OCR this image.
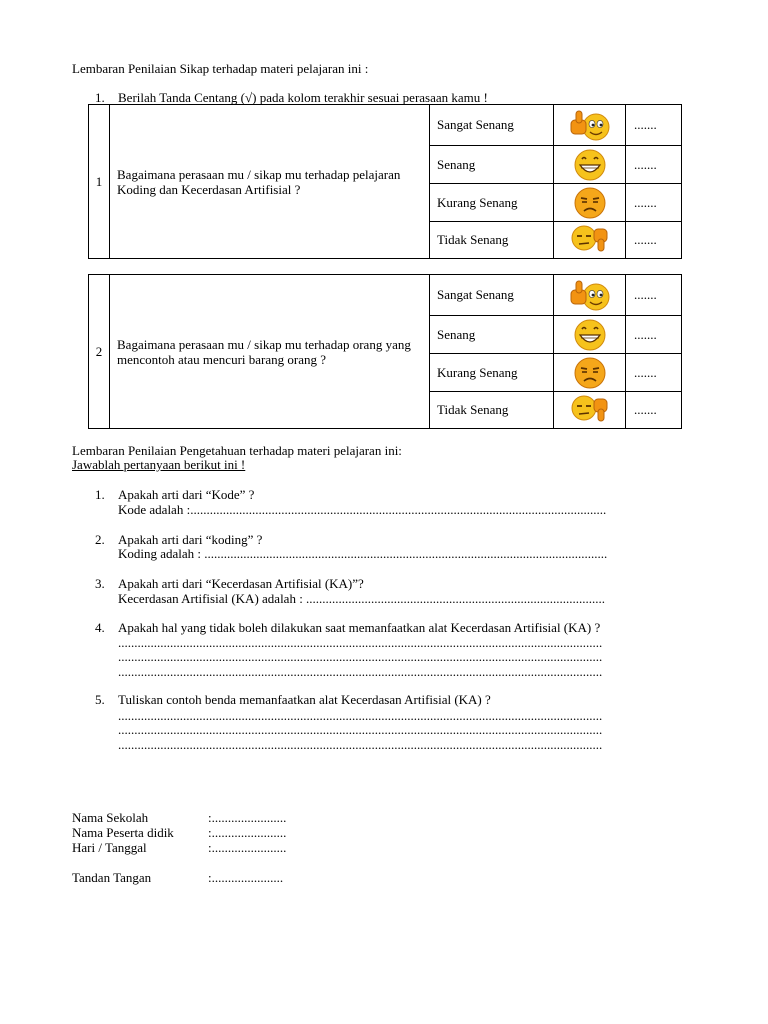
Lembaran Penilaian Sikap terhadap materi pelajaran ini :
1. Berilah Tanda Centang (√) pada kolom terakhir sesuai perasaan kamu !
1	Bagaimana perasaan mu / sikap mu terhadap pelajaran Koding dan Kecerdasan Artifisial ?	Sangat Senang		.......
		Senang		.......
		Kurang Senang		.......
		Tidak Senang		.......
2	Bagaimana perasaan mu / sikap mu terhadap orang yang mencontoh atau mencuri barang orang ?	Sangat Senang		.......
		Senang		.......
		Kurang Senang		.......
		Tidak Senang		.......
Lembaran Penilaian Pengetahuan terhadap materi pelajaran ini:
Jawablah pertanyaan berikut ini !
1. Apakah arti dari “Kode” ?
Kode adalah :................................................................................................................................
2. Apakah arti dari “koding” ?
Koding adalah : ............................................................................................................................
3. Apakah arti dari “Kecerdasan Artifisial (KA)”?
Kecerdasan Artifisial (KA) adalah : ............................................................................................
4. Apakah hal yang tidak boleh dilakukan saat memanfaatkan alat Kecerdasan Artifisial (KA) ?
.....................................................................................................................................................
.....................................................................................................................................................
.....................................................................................................................................................
5. Tuliskan contoh benda memanfaatkan alat Kecerdasan Artifisial (KA) ?
.....................................................................................................................................................
.....................................................................................................................................................
.....................................................................................................................................................
Nama Sekolah	:.......................
Nama Peserta didik	:.......................
Hari / Tanggal	:.......................
Tandan Tangan	:......................
